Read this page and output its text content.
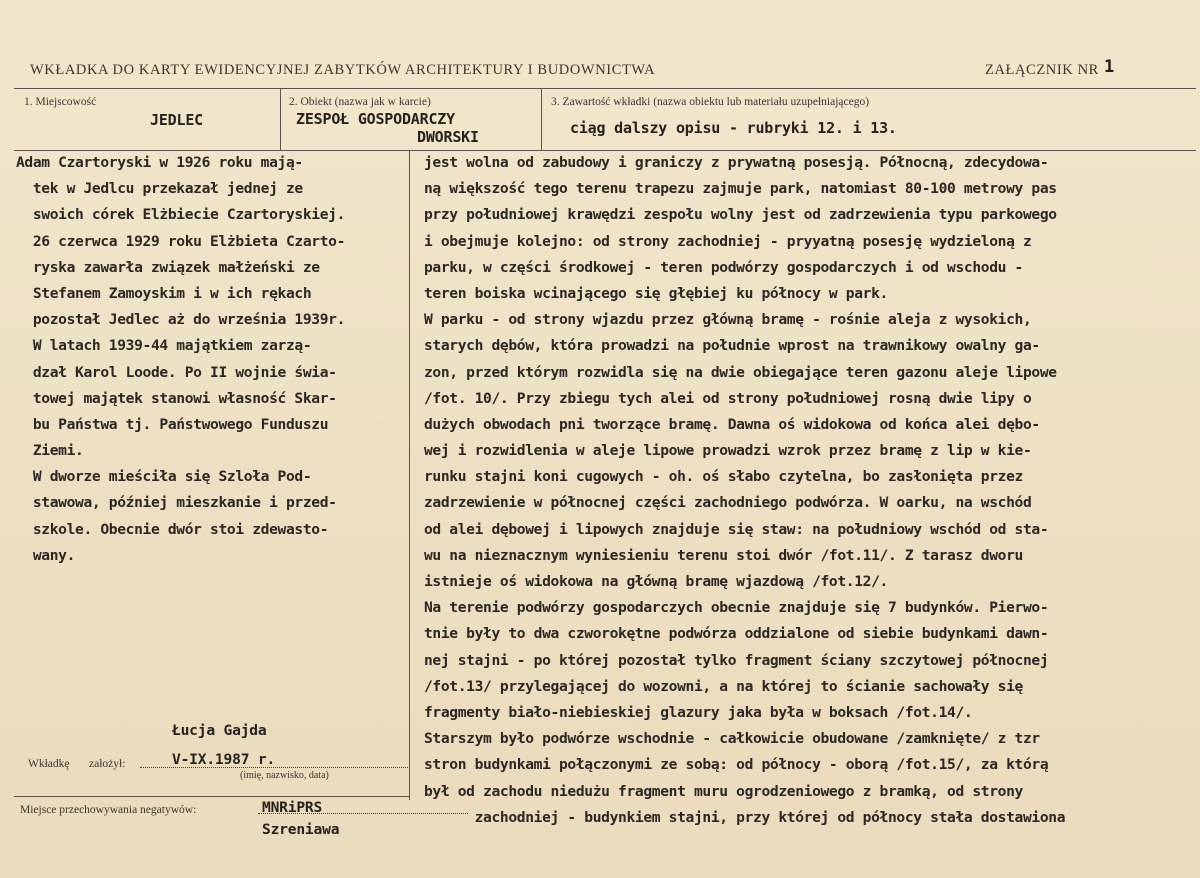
WKŁADKA DO KARTY EWIDENCYJNEJ ZABYTKÓW ARCHITEKTURY I BUDOWNICTWA	ZAŁĄCZNIK NR 1
1. Miejscowość
JEDLEC
2. Obiekt (nazwa jak w karcie)
ZESPOŁ GOSPODARCZY
DWORSKI
3. Zawartość wkładki (nazwa obiektu lub materiału uzupełniającego)
ciąg dalszy opisu - rubryki 12. i 13.
Adam Czartoryski w 1926 roku mają-
tek w Jedlcu przekazał jednej ze
swoich córek Elżbiecie Czartoryskiej.
26 czerwca 1929 roku Elżbieta Czarto-
ryska zawarła związek małżeński ze
Stefanem Zamoyskim i w ich rękach
pozostał Jedlec aż do września 1939r.
W latach 1939-44 majątkiem zarzą-
dzał Karol Loode. Po II wojnie świa-
towej majątek stanowi własność Skar-
bu Państwa tj. Państwowego Funduszu
Ziemi.
W dworze mieściła się Szloła Pod-
stawowa, później mieszkanie i przed-
szkole. Obecnie dwór stoi zdewasto-
wany.
jest wolna od zabudowy i graniczy z prywatną posesją. Północną, zdecydowa-
ną większość tego terenu trapezu zajmuje park, natomiast 80-100 metrowy pas
przy południowej krawędzi zespołu wolny jest od zadrzewienia typu parkowego
i obejmuje kolejno: od strony zachodniej - pryyatną posesję wydzieloną z
parku, w części środkowej - teren podwórzy gospodarczych i od wschodu -
teren boiska wcinającego się głębiej ku północy w park.
W parku - od strony wjazdu przez główną bramę - rośnie aleja z wysokich,
starych dębów, która prowadzi na południe wprost na trawnikowy owalny ga-
zon, przed którym rozwidla się na dwie obiegające teren gazonu aleje lipowe
/fot. 10/. Przy zbiegu tych alei od strony południowej rosną dwie lipy o
dużych obwodach pni tworzące bramę. Dawna oś widokowa od końca alei dębo-
wej i rozwidlenia w aleje lipowe prowadzi wzrok przez bramę z lip w kie-
runku stajni koni cugowych - oh. oś słabo czytelna, bo zasłonięta przez
zadrzewienie w północnej części zachodniego podwórza. W oarku, na wschód
od alei dębowej i lipowych znajduje się staw: na południowy wschód od sta-
wu na nieznacznym wyniesieniu terenu stoi dwór /fot.11/. Z tarasz dworu
istnieje oś widokowa na główną bramę wjazdową /fot.12/.
Na terenie podwórzy gospodarczych obecnie znajduje się 7 budynków. Pierwo-
tnie były to dwa czworokętne podwórza oddzialone od siebie budynkami dawn-
nej stajni - po której pozostał tylko fragment ściany szczytowej północnej
/fot.13/ przylegającej do wozowni, a na której to ścianie sachowały się
fragmenty biało-niebieskiej glazury jaka była w boksach /fot.14/.
Starszym było podwórze wschodnie - całkowicie obudowane /zamknięte/ z tzr
stron budynkami połączonymi ze sobą: od północy - oborą /fot.15/, za którą
był od zachodu niedużu fragment muru ogrodzeniowego z bramką, od strony
zachodniej - budynkiem stajni, przy której od północy stała dostawiona
Łucja Gajda
Wkładkę założył:	V-IX.1987 r.
(imię, nazwisko, data)
Miejsce przechowywania negatywów:	MNRiPRS
Szreniawa
